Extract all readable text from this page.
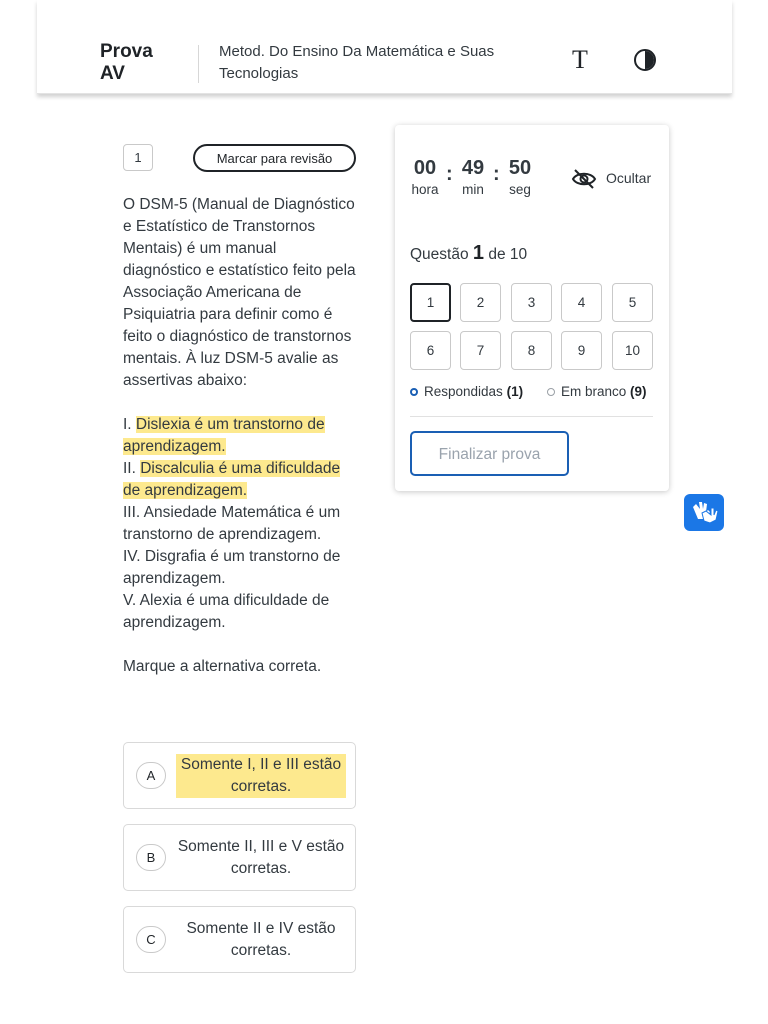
Prova AV
Metod. Do Ensino Da Matemática e Suas Tecnologias	T
1	Marcar para revisão

O DSM-5 (Manual de Diagnóstico e Estatístico de Transtornos Mentais) é um manual diagnóstico e estatístico feito pela Associação Americana de Psiquiatria para definir como é feito o diagnóstico de transtornos mentais. À luz DSM-5 avalie as assertivas abaixo:

I. Dislexia é um transtorno de aprendizagem.

II. Discalculia é uma dificuldade de aprendizagem.

III. Ansiedade Matemática é um transtorno de aprendizagem.

IV. Disgrafia é um transtorno de aprendizagem.

V. Alexia é uma dificuldade de aprendizagem.

Marque a alternativa correta.

A
Somente I, II e III estão corretas.
B
Somente II, III e V estão corretas.
C
Somente II e IV estão corretas.
00
hora
: 49
min
: 50
seg
Ocultar
Questão 1 de 10
1	2	3	4	5
6	7	8	9	10
Respondidas (1)	Em branco (9)
Finalizar prova
